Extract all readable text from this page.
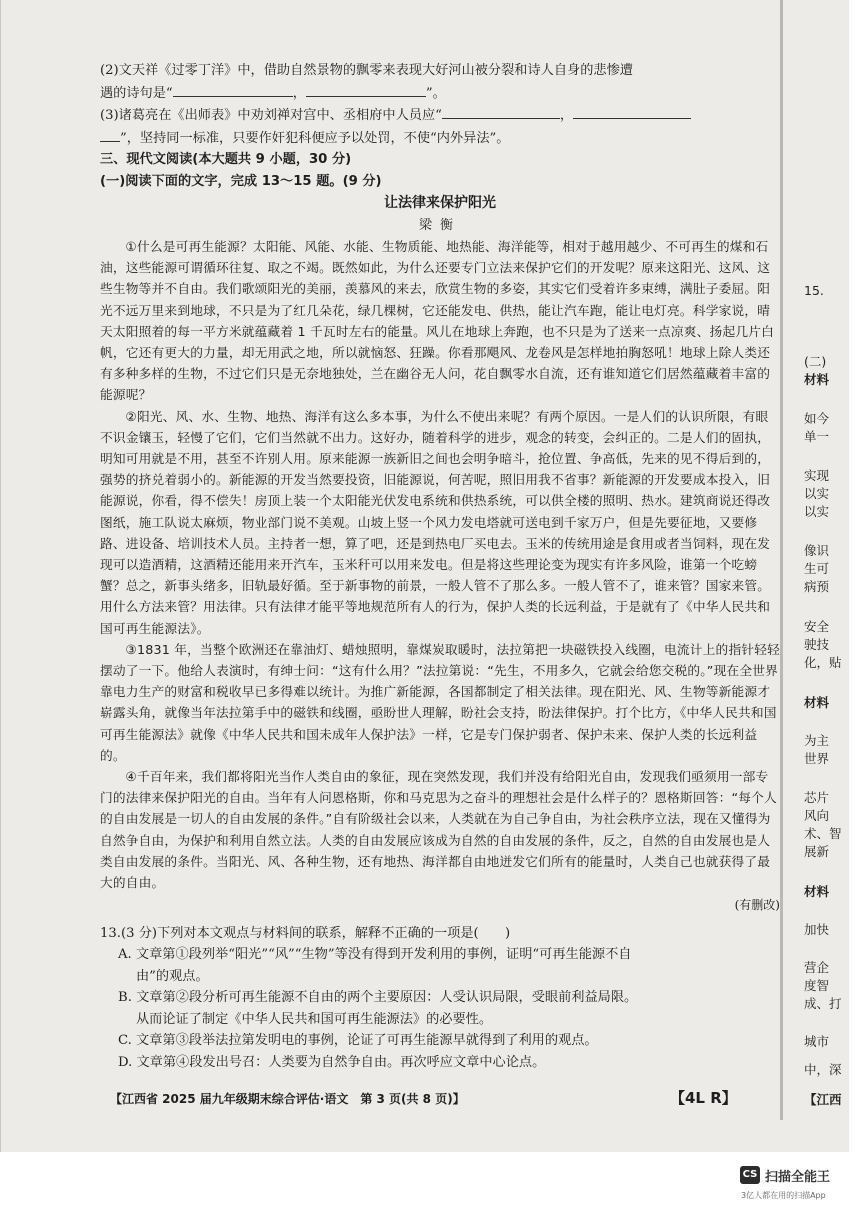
(2)文天祥《过零丁洋》中，借助自然景物的飘零来表现大好河山被分裂和诗人自身的悲惨遭

遇的诗句是“	，	”。

(3)诸葛亮在《出师表》中劝刘禅对宫中、丞相府中人员应“	，

”，坚持同一标准，只要作奸犯科便应予以处罚，不使“内外异法”。

三、现代文阅读(本大题共 9 小题，30 分)

(一)阅读下面的文字，完成 13～15 题。(9 分)

让法律来保护阳光

梁衡

①什么是可再生能源？太阳能、风能、水能、生物质能、地热能、海洋能等，相对于越用越少、不可再生的煤和石油，这些能源可谓循环往复、取之不竭。既然如此，为什么还要专门立法来保护它们的开发呢？原来这阳光、这风、这些生物等并不自由。我们歌颂阳光的美丽，羡慕风的来去，欣赏生物的多姿，其实它们受着许多束缚，满肚子委屈。阳光不远万里来到地球，不只是为了红几朵花，绿几棵树，它还能发电、供热，能让汽车跑，能让电灯亮。科学家说，晴天太阳照着的每一平方米就蕴藏着 1 千瓦时左右的能量。风儿在地球上奔跑，也不只是为了送来一点凉爽、扬起几片白帆，它还有更大的力量，却无用武之地，所以就恼怒、狂躁。你看那飓风、龙卷风是怎样地拍胸怒吼！地球上除人类还有多种多样的生物，不过它们只是无奈地独处，兰在幽谷无人问，花自飘零水自流，还有谁知道它们居然蕴藏着丰富的能源呢？

②阳光、风、水、生物、地热、海洋有这么多本事，为什么不使出来呢？有两个原因。一是人们的认识所限，有眼不识金镶玉，轻慢了它们，它们当然就不出力。这好办，随着科学的进步，观念的转变，会纠正的。二是人们的固执，明知可用就是不用，甚至不许别人用。原来能源一族新旧之间也会明争暗斗，抢位置、争高低，先来的见不得后到的，强势的挤兑着弱小的。新能源的开发当然要投资，旧能源说，何苦呢，照旧用我不省事？新能源的开发要成本投入，旧能源说，你看，得不偿失！房顶上装一个太阳能光伏发电系统和供热系统，可以供全楼的照明、热水。建筑商说还得改图纸，施工队说太麻烦，物业部门说不美观。山坡上竖一个风力发电塔就可送电到千家万户，但是先要征地，又要修路、进设备、培训技术人员。主持者一想，算了吧，还是到热电厂买电去。玉米的传统用途是食用或者当饲料，现在发现可以造酒精，这酒精还能用来开汽车，玉米秆可以用来发电。但是将这些理论变为现实有许多风险，谁第一个吃螃蟹？总之，新事头绪多，旧轨最好循。至于新事物的前景，一般人管不了那么多。一般人管不了，谁来管？国家来管。用什么方法来管？用法律。只有法律才能平等地规范所有人的行为，保护人类的长远利益，于是就有了《中华人民共和国可再生能源法》。

③1831 年，当整个欧洲还在靠油灯、蜡烛照明，靠煤炭取暖时，法拉第把一块磁铁投入线圈，电流计上的指针轻轻摆动了一下。他给人表演时，有绅士问：“这有什么用？”法拉第说：“先生，不用多久，它就会给您交税的。”现在全世界靠电力生产的财富和税收早已多得难以统计。为推广新能源，各国都制定了相关法律。现在阳光、风、生物等新能源才崭露头角，就像当年法拉第手中的磁铁和线圈，亟盼世人理解，盼社会支持，盼法律保护。打个比方，《中华人民共和国可再生能源法》就像《中华人民共和国未成年人保护法》一样，它是专门保护弱者、保护未来、保护人类的长远利益的。

④千百年来，我们都将阳光当作人类自由的象征，现在突然发现，我们并没有给阳光自由，发现我们亟须用一部专门的法律来保护阳光的自由。当年有人问恩格斯，你和马克思为之奋斗的理想社会是什么样子的？恩格斯回答：“每个人的自由发展是一切人的自由发展的条件。”自有阶级社会以来，人类就在为自己争自由，为社会秩序立法，现在又懂得为自然争自由，为保护和利用自然立法。人类的自由发展应该成为自然的自由发展的条件，反之，自然的自由发展也是人类自由发展的条件。当阳光、风、各种生物，还有地热、海洋都自由地迸发它们所有的能量时，人类自己也就获得了最大的自由。

(有删改)

13.(3 分)下列对本文观点与材料间的联系，解释不正确的一项是(　　)

A. 文章第①段列举“阳光”“风”“生物”等没有得到开发利用的事例，证明“可再生能源不自

由”的观点。

B. 文章第②段分析可再生能源不自由的两个主要原因：人受认识局限，受眼前利益局限。

从而论证了制定《中华人民共和国可再生能源法》的必要性。

C. 文章第③段举法拉第发明电的事例，论证了可再生能源早就得到了利用的观点。

D. 文章第④段发出号召：人类要为自然争自由。再次呼应文章中心论点。

【江西省 2025 届九年级期末综合评估·语文　第 3 页(共 8 页)】	【4L R】
15.
(二)
材料
如今
单一
实现
以实
以实
像识
生可
病预
安全
驶技
化，贴
材料
为主
世界
芯片
风向
术、智
展新
材料
加快
营企
度智
成、打
城市
中，深
【江西
CS 扫描全能王
3亿人都在用的扫描App
